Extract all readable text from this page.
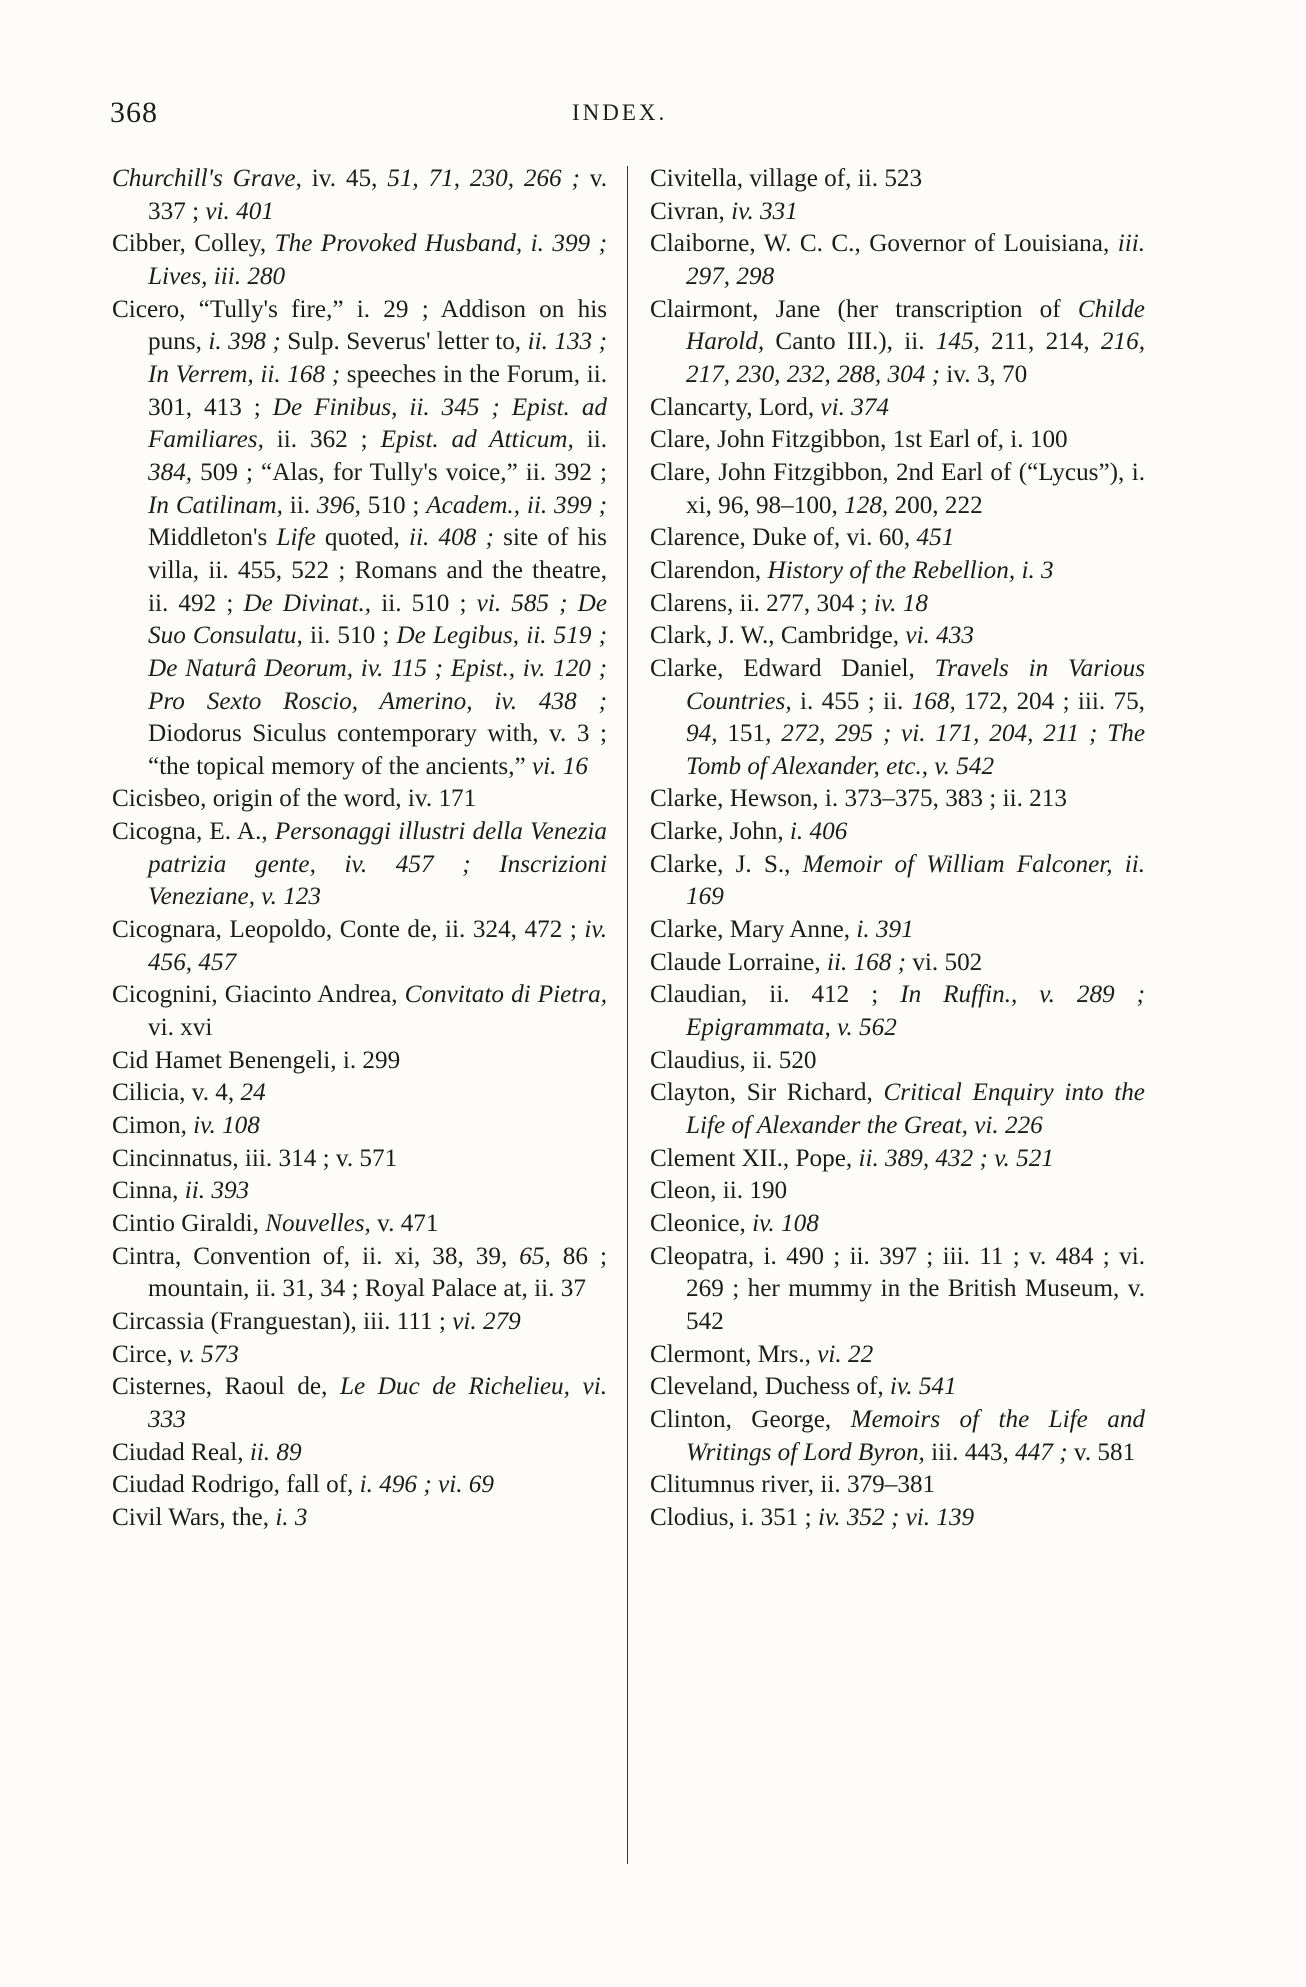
368	INDEX.
Churchill's Grave, iv. 45, 51, 71, 230, 266 ; v. 337 ; vi. 401
Cibber, Colley, The Provoked Husband, i. 399 ; Lives, iii. 280
Cicero, “Tully's fire,” i. 29 ; Addison on his puns, i. 398 ; Sulp. Severus' letter to, ii. 133 ; In Verrem, ii. 168 ; speeches in the Forum, ii. 301, 413 ; De Finibus, ii. 345 ; Epist. ad Familiares, ii. 362 ; Epist. ad Atticum, ii. 384, 509 ; “Alas, for Tully's voice,” ii. 392 ; In Catilinam, ii. 396, 510 ; Academ., ii. 399 ; Middleton's Life quoted, ii. 408 ; site of his villa, ii. 455, 522 ; Romans and the theatre, ii. 492 ; De Divinat., ii. 510 ; vi. 585 ; De Suo Consulatu, ii. 510 ; De Legibus, ii. 519 ; De Naturâ Deorum, iv. 115 ; Epist., iv. 120 ; Pro Sexto Roscio, Amerino, iv. 438 ; Diodorus Siculus contemporary with, v. 3 ; “the topical memory of the ancients,” vi. 16
Cicisbeo, origin of the word, iv. 171
Cicogna, E. A., Personaggi illustri della Venezia patrizia gente, iv. 457 ; Inscrizioni Veneziane, v. 123
Cicognara, Leopoldo, Conte de, ii. 324, 472 ; iv. 456, 457
Cicognini, Giacinto Andrea, Convitato di Pietra, vi. xvi
Cid Hamet Benengeli, i. 299
Cilicia, v. 4, 24
Cimon, iv. 108
Cincinnatus, iii. 314 ; v. 571
Cinna, ii. 393
Cintio Giraldi, Nouvelles, v. 471
Cintra, Convention of, ii. xi, 38, 39, 65, 86 ; mountain, ii. 31, 34 ; Royal Palace at, ii. 37
Circassia (Franguestan), iii. 111 ; vi. 279
Circe, v. 573
Cisternes, Raoul de, Le Duc de Richelieu, vi. 333
Ciudad Real, ii. 89
Ciudad Rodrigo, fall of, i. 496 ; vi. 69
Civil Wars, the, i. 3
Civitella, village of, ii. 523
Civran, iv. 331
Claiborne, W. C. C., Governor of Louisiana, iii. 297, 298
Clairmont, Jane (her transcription of Childe Harold, Canto III.), ii. 145, 211, 214, 216, 217, 230, 232, 288, 304 ; iv. 3, 70
Clancarty, Lord, vi. 374
Clare, John Fitzgibbon, 1st Earl of, i. 100
Clare, John Fitzgibbon, 2nd Earl of (“Lycus”), i. xi, 96, 98–100, 128, 200, 222
Clarence, Duke of, vi. 60, 451
Clarendon, History of the Rebellion, i. 3
Clarens, ii. 277, 304 ; iv. 18
Clark, J. W., Cambridge, vi. 433
Clarke, Edward Daniel, Travels in Various Countries, i. 455 ; ii. 168, 172, 204 ; iii. 75, 94, 151, 272, 295 ; vi. 171, 204, 211 ; The Tomb of Alexander, etc., v. 542
Clarke, Hewson, i. 373–375, 383 ; ii. 213
Clarke, John, i. 406
Clarke, J. S., Memoir of William Falconer, ii. 169
Clarke, Mary Anne, i. 391
Claude Lorraine, ii. 168 ; vi. 502
Claudian, ii. 412 ; In Ruffin., v. 289 ; Epigrammata, v. 562
Claudius, ii. 520
Clayton, Sir Richard, Critical Enquiry into the Life of Alexander the Great, vi. 226
Clement XII., Pope, ii. 389, 432 ; v. 521
Cleon, ii. 190
Cleonice, iv. 108
Cleopatra, i. 490 ; ii. 397 ; iii. 11 ; v. 484 ; vi. 269 ; her mummy in the British Museum, v. 542
Clermont, Mrs., vi. 22
Cleveland, Duchess of, iv. 541
Clinton, George, Memoirs of the Life and Writings of Lord Byron, iii. 443, 447 ; v. 581
Clitumnus river, ii. 379–381
Clodius, i. 351 ; iv. 352 ; vi. 139
